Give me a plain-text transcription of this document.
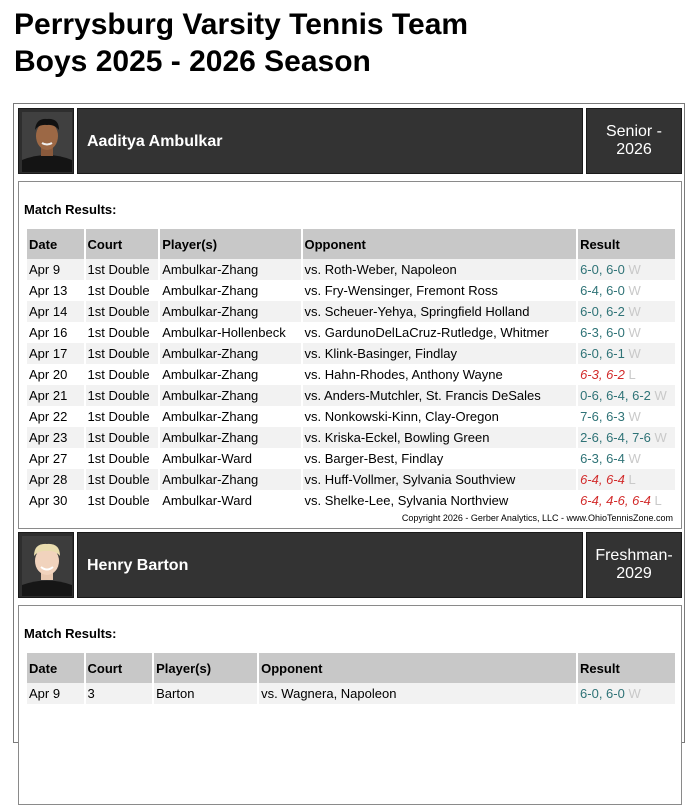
Perrysburg Varsity Tennis Team
Boys 2025 - 2026 Season
Aaditya Ambulkar
Senior -
2026
Match Results:
Date	Court	Player(s)	Opponent	Result
Apr 9	1st Double	Ambulkar-Zhang	vs. Roth-Weber, Napoleon	6-0, 6-0 W
Apr 13	1st Double	Ambulkar-Zhang	vs. Fry-Wensinger, Fremont Ross	6-4, 6-0 W
Apr 14	1st Double	Ambulkar-Zhang	vs. Scheuer-Yehya, Springfield Holland	6-0, 6-2 W
Apr 16	1st Double	Ambulkar-Hollenbeck	vs. GardunoDelLaCruz-Rutledge, Whitmer	6-3, 6-0 W
Apr 17	1st Double	Ambulkar-Zhang	vs. Klink-Basinger, Findlay	6-0, 6-1 W
Apr 20	1st Double	Ambulkar-Zhang	vs. Hahn-Rhodes, Anthony Wayne	6-3, 6-2 L
Apr 21	1st Double	Ambulkar-Zhang	vs. Anders-Mutchler, St. Francis DeSales	0-6, 6-4, 6-2 W
Apr 22	1st Double	Ambulkar-Zhang	vs. Nonkowski-Kinn, Clay-Oregon	7-6, 6-3 W
Apr 23	1st Double	Ambulkar-Zhang	vs. Kriska-Eckel, Bowling Green	2-6, 6-4, 7-6 W
Apr 27	1st Double	Ambulkar-Ward	vs. Barger-Best, Findlay	6-3, 6-4 W
Apr 28	1st Double	Ambulkar-Zhang	vs. Huff-Vollmer, Sylvania Southview	6-4, 6-4 L
Apr 30	1st Double	Ambulkar-Ward	vs. Shelke-Lee, Sylvania Northview	6-4, 4-6, 6-4 L
Copyright 2026 - Gerber Analytics, LLC - www.OhioTennisZone.com
Henry Barton
Freshman-
2029
Match Results:
Date	Court	Player(s)	Opponent	Result
Apr 9	3	Barton	vs. Wagnera, Napoleon	6-0, 6-0 W
